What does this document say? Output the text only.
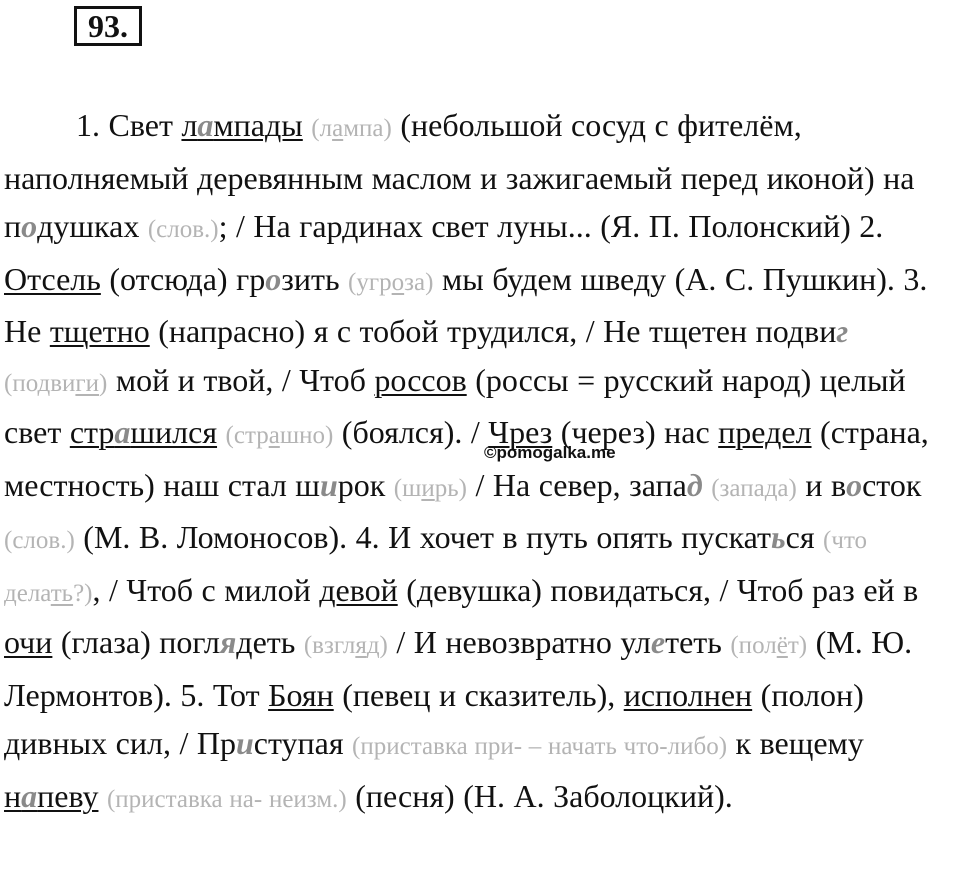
93.

1. Свет лампады (лампа) (небольшой сосуд с фителём, наполняемый деревянным маслом и зажигаемый перед иконой) на подушках (слов.); / На гардинах свет луны... (Я. П. Полонский) 2. Отсель (отсюда) грозить (угроза) мы будем шведу (А. С. Пушкин). 3. Не тщетно (напрасно) я с тобой трудился, / Не тщетен подвиг (подвиги) мой и твой, / Чтоб россов (россы = русский народ) целый свет страшился (страшно) (боялся). / Чрез (через) нас предел (страна, местность) наш стал широк (ширь) / На север, запад (запада) и восток (слов.) (М. В. Ломоносов). 4. И хочет в путь опять пускаться (что делать?), / Чтоб с милой девой (девушка) повидаться, / Чтоб раз ей в очи (глаза) поглядеть (взгляд) / И невозвратно улететь (полёт) (М. Ю. Лермонтов). 5. Тот Боян (певец и сказитель), исполнен (полон) дивных сил, / Приступая (приставка при- – начать что-либо) к вещему напеву (приставка на- неизм.) (песня) (Н. А. Заболоцкий).

©pomogalka.me
